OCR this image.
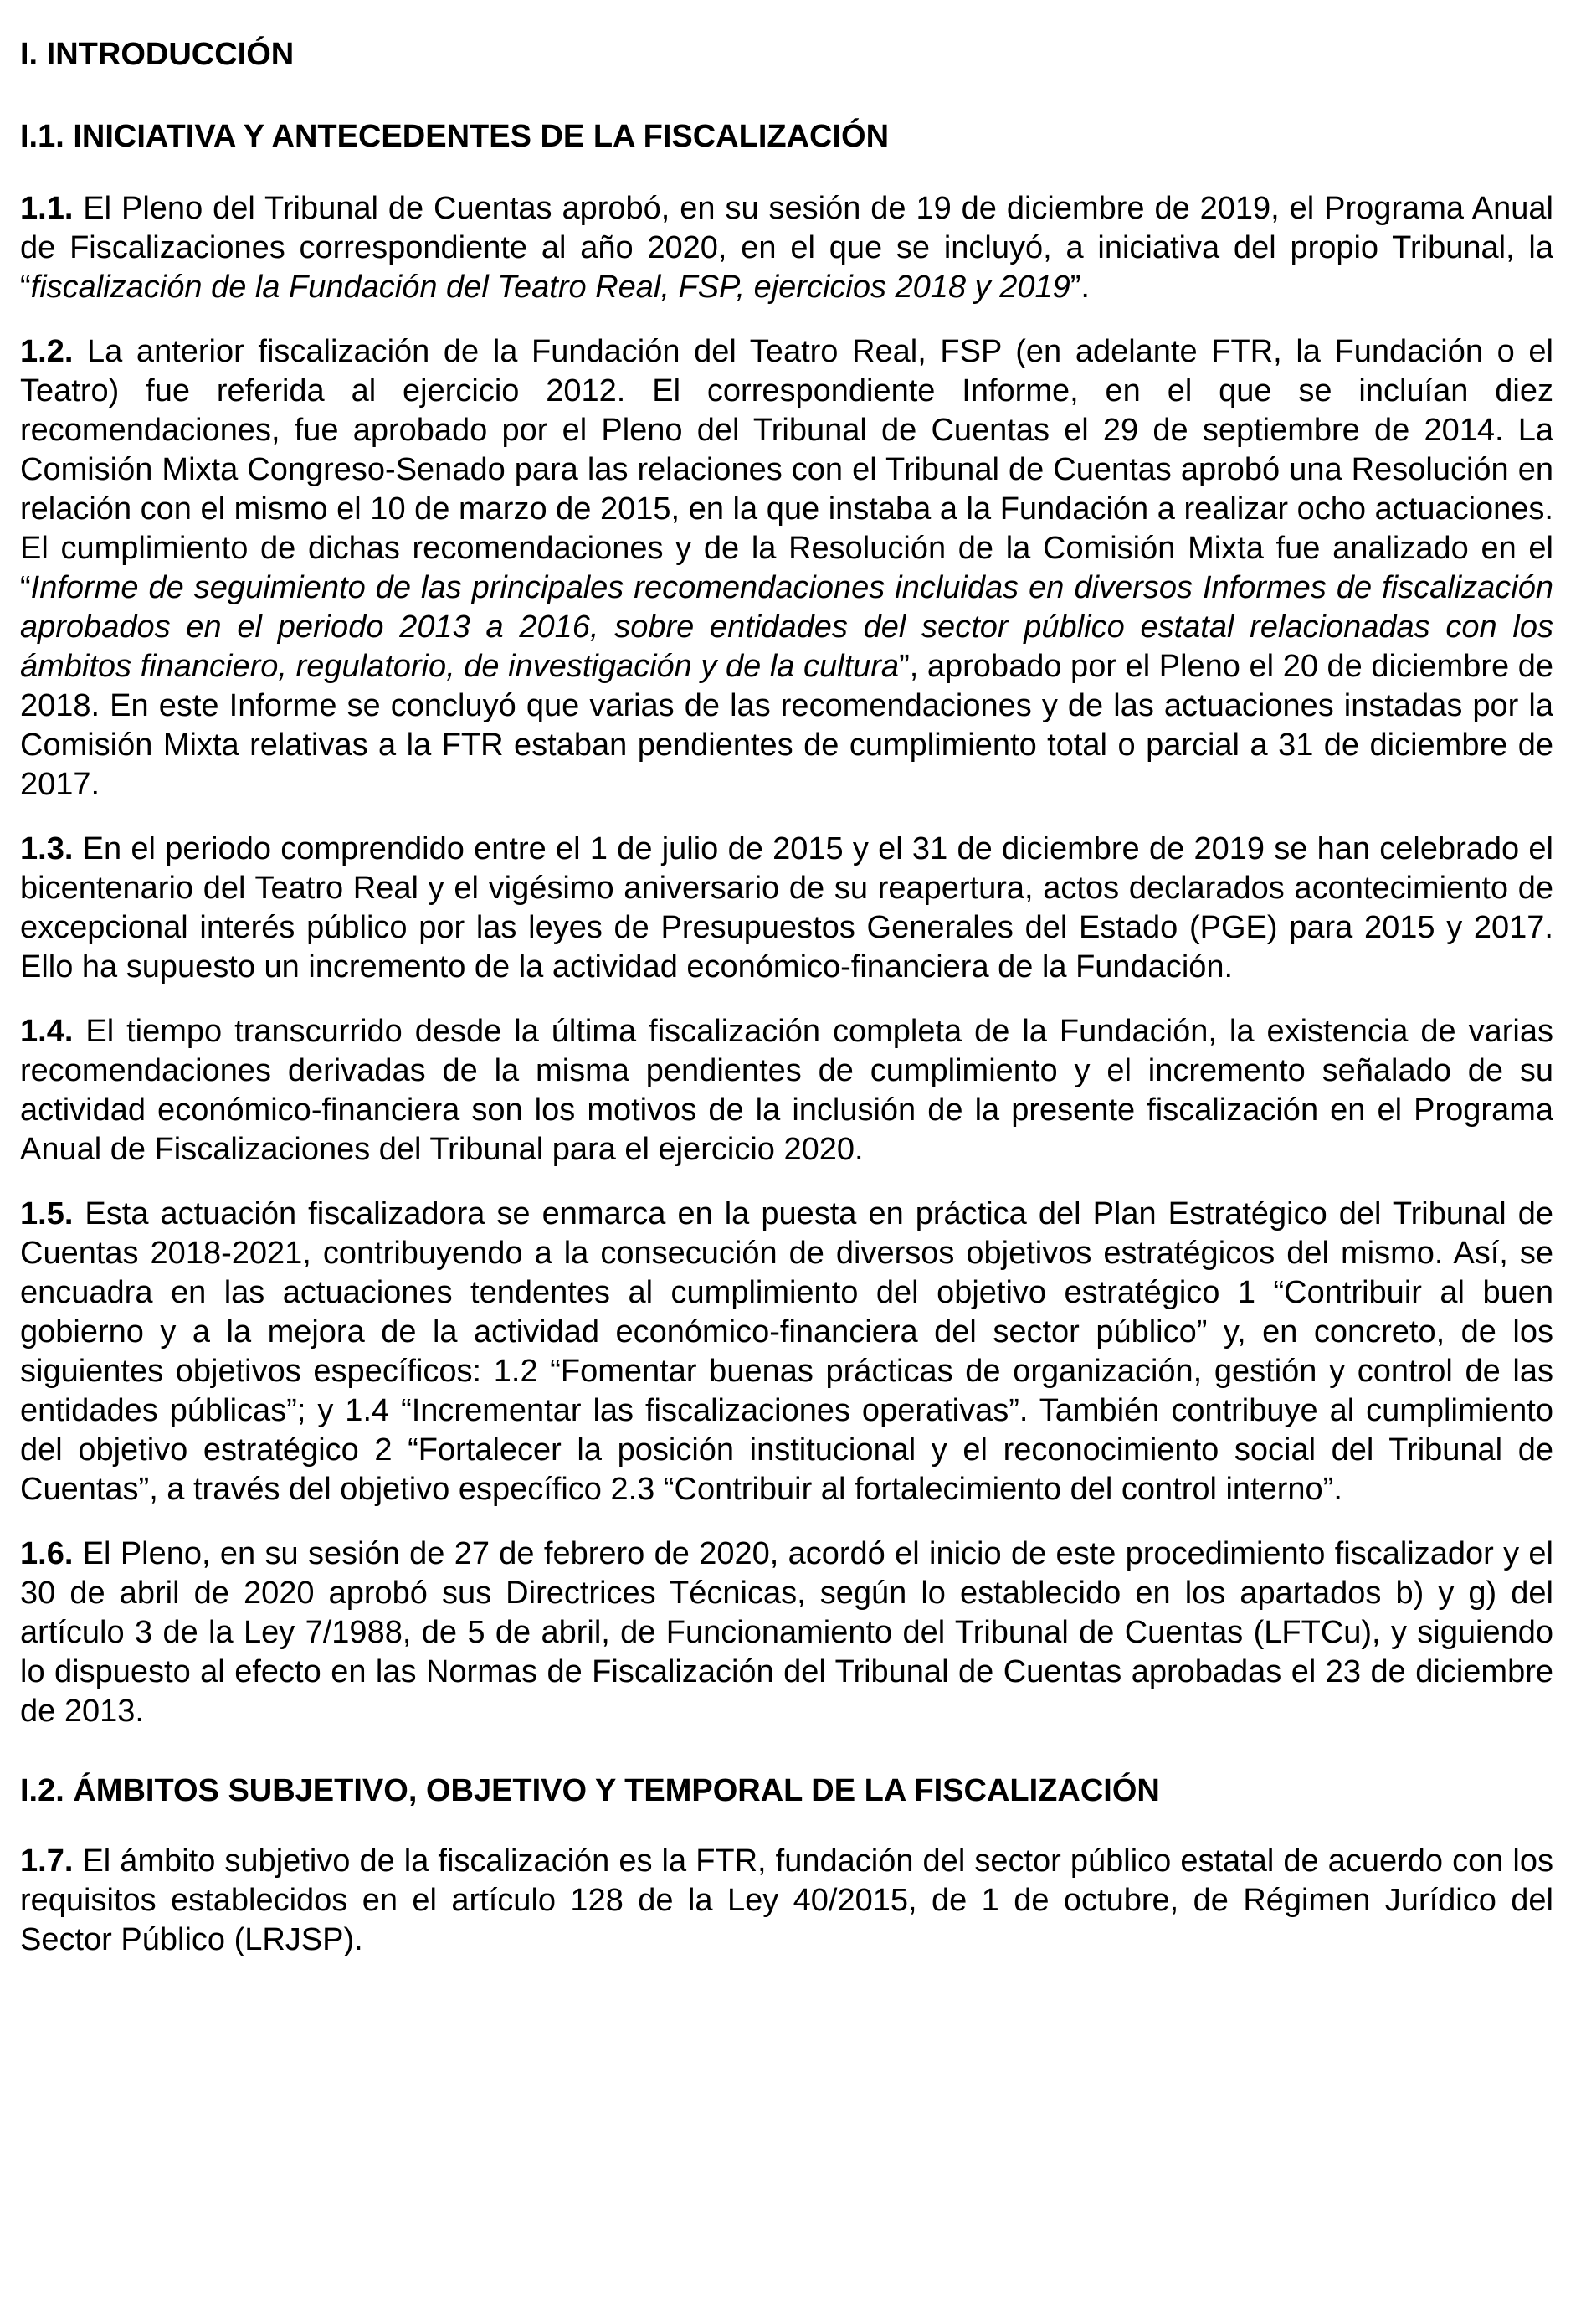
I. INTRODUCCIÓN
I.1. INICIATIVA Y ANTECEDENTES DE LA FISCALIZACIÓN

1.1. El Pleno del Tribunal de Cuentas aprobó, en su sesión de 19 de diciembre de 2019, el Programa Anual de Fiscalizaciones correspondiente al año 2020, en el que se incluyó, a iniciativa del propio Tribunal, la “fiscalización de la Fundación del Teatro Real, FSP, ejercicios 2018 y 2019”.

1.2. La anterior fiscalización de la Fundación del Teatro Real, FSP (en adelante FTR, la Fundación o el Teatro) fue referida al ejercicio 2012. El correspondiente Informe, en el que se incluían diez recomendaciones, fue aprobado por el Pleno del Tribunal de Cuentas el 29 de septiembre de 2014. La Comisión Mixta Congreso-Senado para las relaciones con el Tribunal de Cuentas aprobó una Resolución en relación con el mismo el 10 de marzo de 2015, en la que instaba a la Fundación a realizar ocho actuaciones. El cumplimiento de dichas recomendaciones y de la Resolución de la Comisión Mixta fue analizado en el “Informe de seguimiento de las principales recomendaciones incluidas en diversos Informes de fiscalización aprobados en el periodo 2013 a 2016, sobre entidades del sector público estatal relacionadas con los ámbitos financiero, regulatorio, de investigación y de la cultura”, aprobado por el Pleno el 20 de diciembre de 2018. En este Informe se concluyó que varias de las recomendaciones y de las actuaciones instadas por la Comisión Mixta relativas a la FTR estaban pendientes de cumplimiento total o parcial a 31 de diciembre de 2017.

1.3. En el periodo comprendido entre el 1 de julio de 2015 y el 31 de diciembre de 2019 se han celebrado el bicentenario del Teatro Real y el vigésimo aniversario de su reapertura, actos declarados acontecimiento de excepcional interés público por las leyes de Presupuestos Generales del Estado (PGE) para 2015 y 2017. Ello ha supuesto un incremento de la actividad económico-financiera de la Fundación.

1.4. El tiempo transcurrido desde la última fiscalización completa de la Fundación, la existencia de varias recomendaciones derivadas de la misma pendientes de cumplimiento y el incremento señalado de su actividad económico-financiera son los motivos de la inclusión de la presente fiscalización en el Programa Anual de Fiscalizaciones del Tribunal para el ejercicio 2020.

1.5. Esta actuación fiscalizadora se enmarca en la puesta en práctica del Plan Estratégico del Tribunal de Cuentas 2018-2021, contribuyendo a la consecución de diversos objetivos estratégicos del mismo. Así, se encuadra en las actuaciones tendentes al cumplimiento del objetivo estratégico 1 “Contribuir al buen gobierno y a la mejora de la actividad económico-financiera del sector público” y, en concreto, de los siguientes objetivos específicos: 1.2 “Fomentar buenas prácticas de organización, gestión y control de las entidades públicas”; y 1.4 “Incrementar las fiscalizaciones operativas”. También contribuye al cumplimiento del objetivo estratégico 2 “Fortalecer la posición institucional y el reconocimiento social del Tribunal de Cuentas”, a través del objetivo específico 2.3 “Contribuir al fortalecimiento del control interno”.

1.6. El Pleno, en su sesión de 27 de febrero de 2020, acordó el inicio de este procedimiento fiscalizador y el 30 de abril de 2020 aprobó sus Directrices Técnicas, según lo establecido en los apartados b) y g) del artículo 3 de la Ley 7/1988, de 5 de abril, de Funcionamiento del Tribunal de Cuentas (LFTCu), y siguiendo lo dispuesto al efecto en las Normas de Fiscalización del Tribunal de Cuentas aprobadas el 23 de diciembre de 2013.

I.2. ÁMBITOS SUBJETIVO, OBJETIVO Y TEMPORAL DE LA FISCALIZACIÓN

1.7. El ámbito subjetivo de la fiscalización es la FTR, fundación del sector público estatal de acuerdo con los requisitos establecidos en el artículo 128 de la Ley 40/2015, de 1 de octubre, de Régimen Jurídico del Sector Público (LRJSP).
